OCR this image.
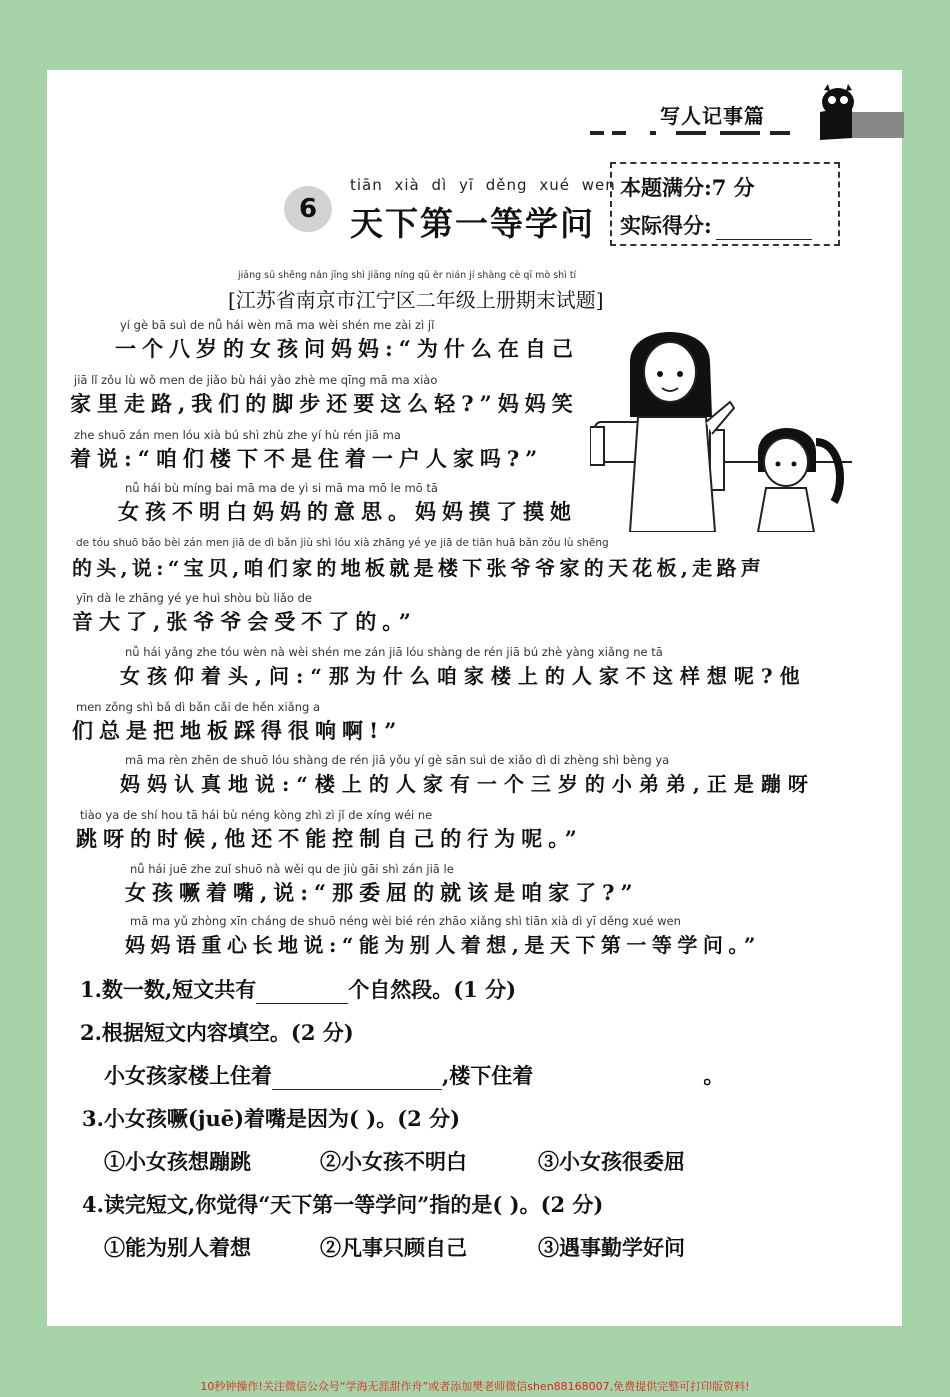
写人记事篇
6
tiān xià dì yī děng xué wen
天下第一等学问
本题满分:7 分
实际得分:
jiāng sū shěng nán jīng shì jiāng níng qū èr nián jí shàng cè qī mò shì tí
[江苏省南京市江宁区二年级上册期末试题]
yí gè bā suì de nǚ hái wèn mā ma wèi shén me zài zì jǐ
一个八岁的女孩问妈妈:“为什么在自己
jiā lǐ zǒu lù wǒ men de jiǎo bù hái yào zhè me qīng mā ma xiào
家里走路,我们的脚步还要这么轻?”妈妈笑
zhe shuō zán men lóu xià bú shì zhù zhe yí hù rén jiā ma
着说:“咱们楼下不是住着一户人家吗?”
nǚ hái bù míng bai mā ma de yì si mā ma mō le mō tā
女孩不明白妈妈的意思。妈妈摸了摸她
de tóu shuō bǎo bèi zán men jiā de dì bǎn jiù shì lóu xià zhāng yé ye jiā de tiān huā bǎn zǒu lù shēng
的头,说:“宝贝,咱们家的地板就是楼下张爷爷家的天花板,走路声
yīn dà le zhāng yé ye huì shòu bù liǎo de
音大了,张爷爷会受不了的。”
nǚ hái yǎng zhe tóu wèn nà wèi shén me zán jiā lóu shàng de rén jiā bú zhè yàng xiǎng ne tā
女孩仰着头,问:“那为什么咱家楼上的人家不这样想呢?他
men zǒng shì bǎ dì bǎn cǎi de hěn xiǎng a
们总是把地板踩得很响啊!”
mā ma rèn zhēn de shuō lóu shàng de rén jiā yǒu yí gè sān suì de xiǎo dì di zhèng shì bèng ya
妈妈认真地说:“楼上的人家有一个三岁的小弟弟,正是蹦呀
tiào ya de shí hou tā hái bù néng kòng zhì zì jǐ de xíng wéi ne
跳呀的时候,他还不能控制自己的行为呢。”
nǚ hái juē zhe zuǐ shuō nà wěi qu de jiù gāi shì zán jiā le
女孩噘着嘴,说:“那委屈的就该是咱家了?”
mā ma yǔ zhòng xīn cháng de shuō néng wèi bié rén zhāo xiǎng shì tiān xià dì yī děng xué wen
妈妈语重心长地说:“能为别人着想,是天下第一等学问。”
1.数一数,短文共有	个自然段。(1 分)
2.根据短文内容填空。(2 分)
小女孩家楼上住着	,楼下住着	。
3.小女孩噘(juē)着嘴是因为( )。(2 分)
①小女孩想蹦跳	②小女孩不明白	③小女孩很委屈
4.读完短文,你觉得“天下第一等学问”指的是( )。(2 分)
①能为别人着想	②凡事只顾自己	③遇事勤学好问
10秒钟操作!关注微信公众号“学海无涯甜作舟”或者添加樊老师微信shen88168007,免费提供完整可打印版资料!
